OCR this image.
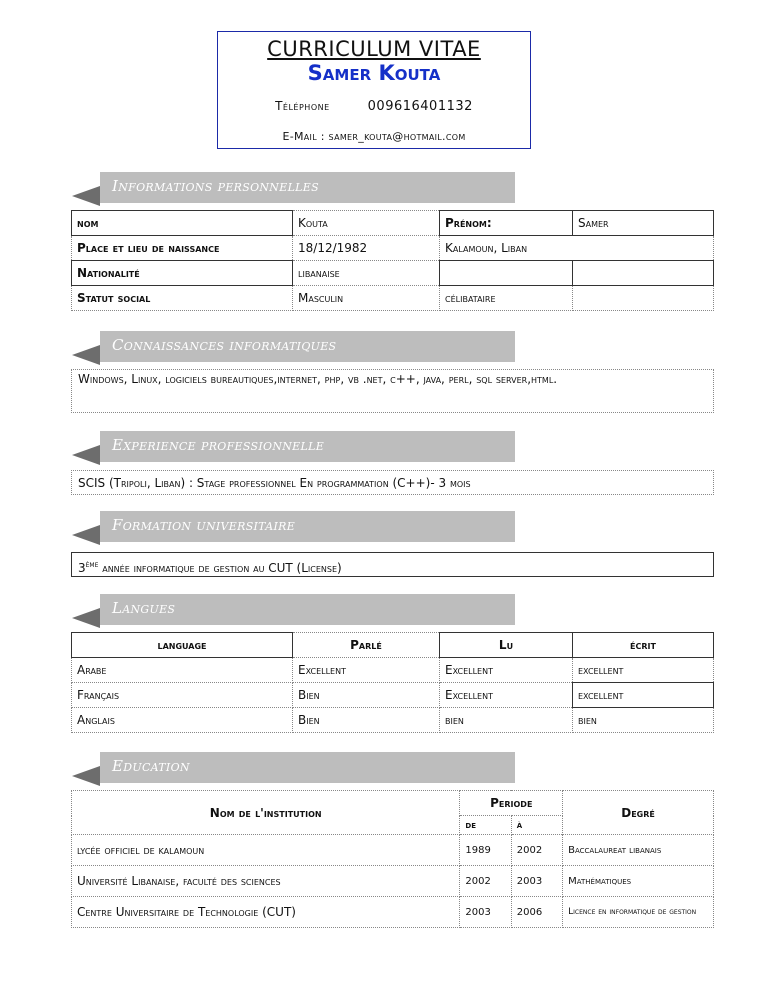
CURRICULUM VITAE
Samer Kouta
Téléphone	009616401132
E-Mail : samer_kouta@hotmail.com
Informations personnelles
nom	Kouta	Prénom:	Samer
Place et lieu de naissance	18/12/1982	Kalamoun, Liban	
Nationalité	libanaise		
Statut social	Masculin	célibataire	
Connaissances informatiques
Windows, Linux, logiciels bureautiques,internet, php, vb .net, c++, java, perl, sql server,html.
Experience professionnelle
SCIS (Tripoli, Liban) : Stage professionnel En programmation (C++)- 3 mois
Formation universitaire
3ème année informatique de gestion au CUT (License)
Langues
language	Parlé	Lu	écrit
Arabe	Excellent	Excellent	excellent
Français	Bien	Excellent	excellent
Anglais	Bien	bien	bien
Education
Nom de l'institution	Periode		Degré
	de	à	
lycée officiel de kalamoun	1989	2002	Baccalaureat libanais
Université Libanaise, faculté des sciences	2002	2003	Mathématiques
Centre Universitaire de Technologie (CUT)	2003	2006	Licence en informatique de gestion
